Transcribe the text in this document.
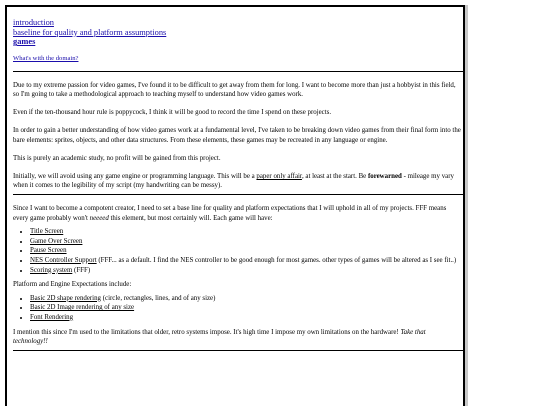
introduction
baseline for quality and platform assumptions
games
What's with the domain?

Due to my extreme passion for video games, I've found it to be difficult to get away from them for long. I want to become more than just a hobbyist in this field, so I'm going to take a methodological approach to teaching myself to understand how video games work.

Even if the ten-thousand hour rule is poppycock, I think it will be good to record the time I spend on these projects.

In order to gain a better understanding of how video games work at a fundamental level, I've taken to be breaking down video games from their final form into the bare elements: sprites, objects, and other data structures. From these elements, these games may be recreated in any language or engine.

This is purely an academic study, no profit will be gained from this project.

Initially, we will avoid using any game engine or programming language. This will be a paper only affair, at least at the start. Be forewarned - mileage my vary when it comes to the legibility of my script (my handwriting can be messy).

Since I want to become a compotent creator, I need to set a base line for quality and platform expectations that I will uphold in all of my projects. FFF means every game probably won't neeeed this element, but most certainly will. Each game will have:

• Title Screen
• Game Over Screen
• Pause Screen
• NES Controller Support (FFF... as a default. I find the NES controller to be good enough for most games. other types of games will be altered as I see fit..)
• Scoring system (FFF)

Platform and Engine Expectations include:

• Basic 2D shape rendering (circle, rectangles, lines, and of any size)
• Basic 2D Image rendering of any size
• Font Rendering

I mention this since I'm used to the limitations that older, retro systems impose. It's high time I impose my own limitations on the hardware! Take that technology!!
